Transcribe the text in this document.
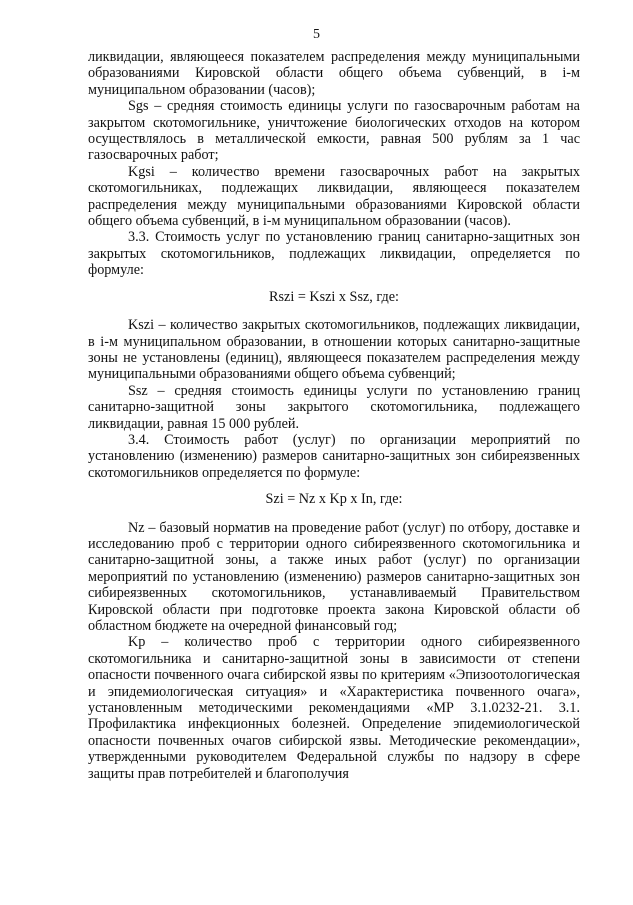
5

ликвидации, являющееся показателем распределения между муниципальными образованиями Кировской области общего объема субвенций, в i-м муниципальном образовании (часов);

Sgs – средняя стоимость единицы услуги по газосварочным работам на закрытом скотомогильнике, уничтожение биологических отходов на котором осуществлялось в металлической емкости, равная 500 рублям за 1 час газосварочных работ;

Kgsi – количество времени газосварочных работ на закрытых скотомогильниках, подлежащих ликвидации, являющееся показателем распределения между муниципальными образованиями Кировской области общего объема субвенций, в i-м муниципальном образовании (часов).

3.3. Стоимость услуг по установлению границ санитарно-защитных зон закрытых скотомогильников, подлежащих ликвидации, определяется по формуле:

Rszi = Kszi х Ssz, где:

Kszi – количество закрытых скотомогильников, подлежащих ликвидации, в i-м муниципальном образовании, в отношении которых санитарно-защитные зоны не установлены (единиц), являющееся показателем распределения между муниципальными образованиями общего объема субвенций;

Ssz – средняя стоимость единицы услуги по установлению границ санитарно-защитной зоны закрытого скотомогильника, подлежащего ликвидации, равная 15 000 рублей.

3.4. Стоимость работ (услуг) по организации мероприятий по установлению (изменению) размеров санитарно-защитных зон сибиреязвенных скотомогильников определяется по формуле:

Szi = Nz х Kp х In, где:

Nz – базовый норматив на проведение работ (услуг) по отбору, доставке и исследованию проб с территории одного сибиреязвенного скотомогильника и санитарно-защитной зоны, а также иных работ (услуг) по организации мероприятий по установлению (изменению) размеров санитарно-защитных зон сибиреязвенных скотомогильников, устанавливаемый Правительством Кировской области при подготовке проекта закона Кировской области об областном бюджете на очередной финансовый год;

Kp – количество проб с территории одного сибиреязвенного скотомогильника и санитарно-защитной зоны в зависимости от степени опасности почвенного очага сибирской язвы по критериям «Эпизоотологическая и эпидемиологическая ситуация» и «Характеристика почвенного очага», установленным методическими рекомендациями «МР 3.1.0232-21. 3.1. Профилактика инфекционных болезней. Определение эпидемиологической опасности почвенных очагов сибирской язвы. Методические рекомендации», утвержденными руководителем Федеральной службы по надзору в сфере защиты прав потребителей и благополучия
